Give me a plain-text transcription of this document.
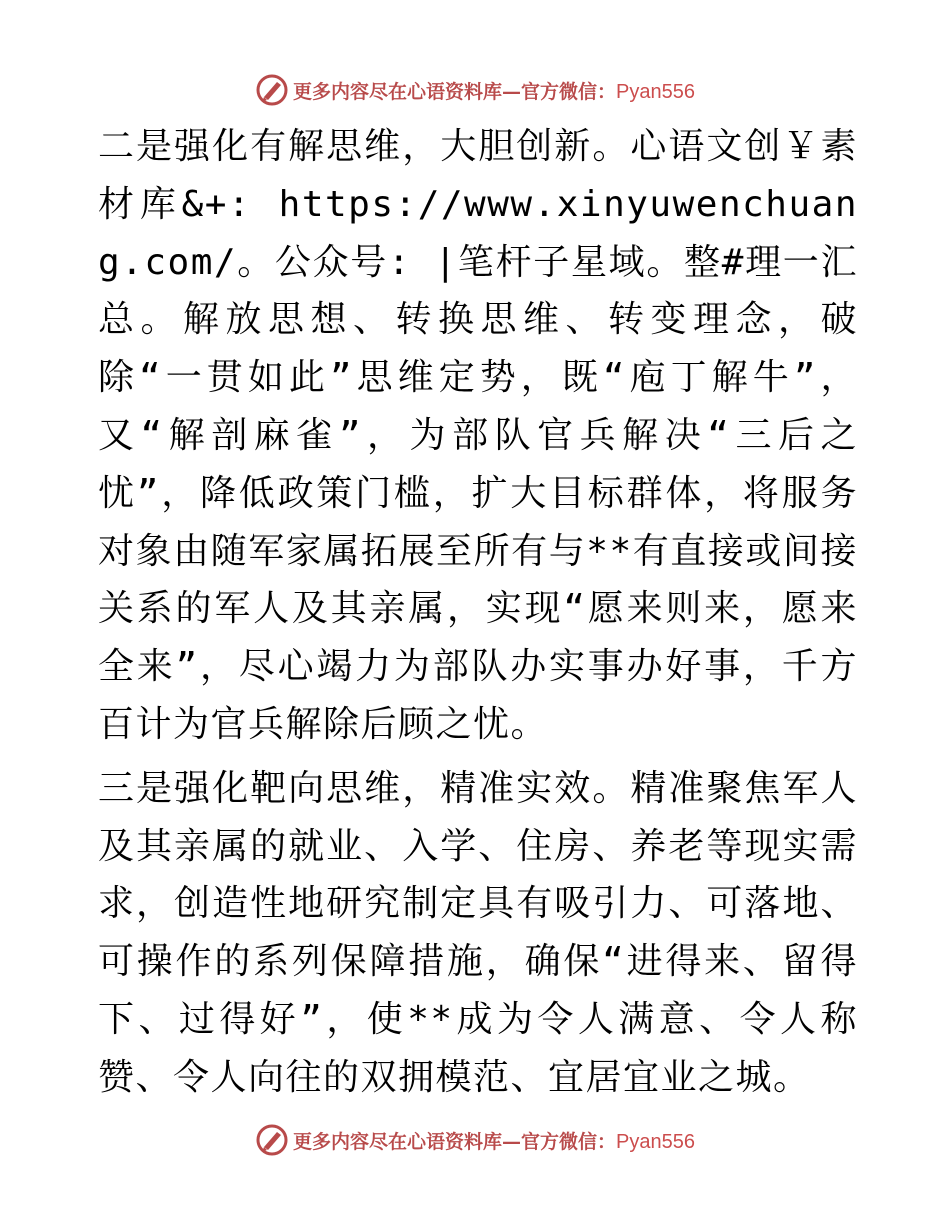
更多内容尽在心语资料库—官方微信：Pyan556

二是强化有解思维，大胆创新。心语文创￥素材库&+: https://www.xinyuwenchuang.com/。公众号: |笔杆子星域。整#理一汇总。解放思想、转换思维、转变理念，破除“一贯如此”思维定势，既“庖丁解牛”，又“解剖麻雀”，为部队官兵解决“三后之忧”，降低政策门槛，扩大目标群体，将服务对象由随军家属拓展至所有与**有直接或间接关系的军人及其亲属，实现“愿来则来，愿来全来”，尽心竭力为部队办实事办好事，千方百计为官兵解除后顾之忧。

三是强化靶向思维，精准实效。精准聚焦军人及其亲属的就业、入学、住房、养老等现实需求，创造性地研究制定具有吸引力、可落地、可操作的系列保障措施，确保“进得来、留得下、过得好”，使**成为令人满意、令人称赞、令人向往的双拥模范、宜居宜业之城。

更多内容尽在心语资料库—官方微信：Pyan556
